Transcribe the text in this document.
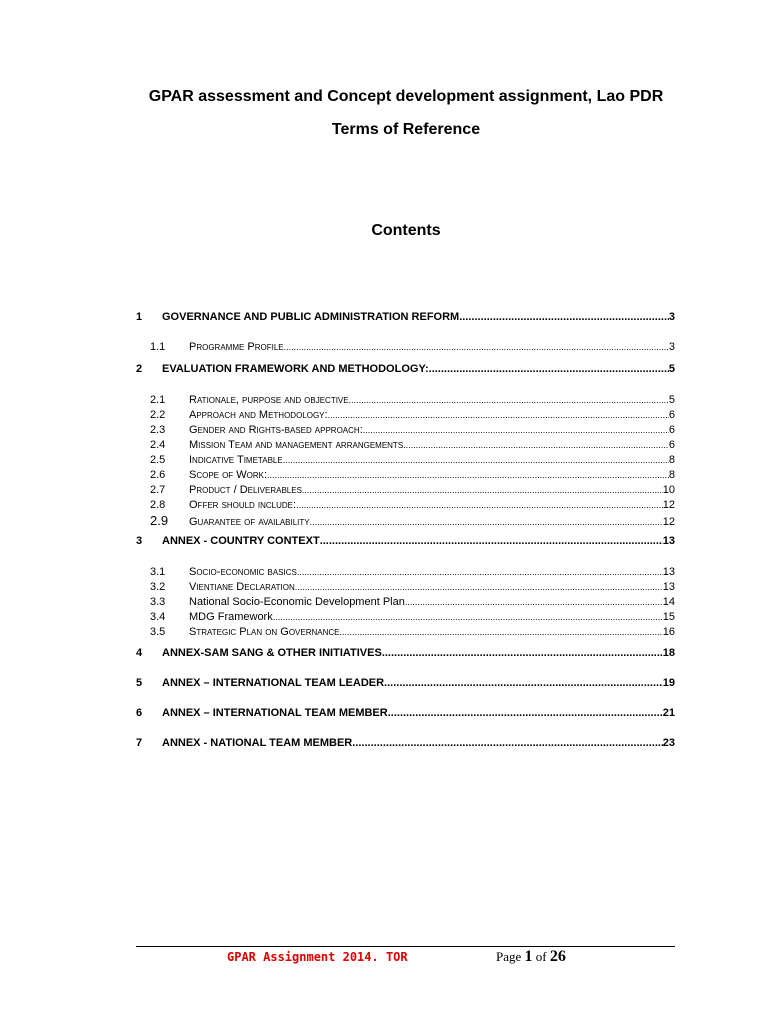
GPAR assessment and Concept development assignment, Lao PDR
Terms of Reference
Contents
1	GOVERNANCE AND PUBLIC ADMINISTRATION REFORM .....	3
1.1	Programme Profile .....	3
2	EVALUATION FRAMEWORK AND METHODOLOGY: .....	5
2.1	Rationale, purpose and objective .....	5
2.2	Approach and Methodology: .....	6
2.3	Gender and Rights-based approach: .....	6
2.4	Mission Team and management arrangements .....	6
2.5	Indicative Timetable .....	8
2.6	Scope of Work: .....	8
2.7	Product / Deliverables .....	10
2.8	Offer should include: .....	12
2.9	Guarantee of availability .....	12
3	ANNEX - COUNTRY CONTEXT .....	13
3.1	Socio-economic basics .....	13
3.2	Vientiane Declaration .....	13
3.3	National Socio-Economic Development Plan .....	14
3.4	MDG Framework .....	15
3.5	Strategic Plan on Governance .....	16
4	ANNEX-SAM SANG & OTHER INITIATIVES .....	18
5	ANNEX – INTERNATIONAL TEAM LEADER .....	19
6	ANNEX – INTERNATIONAL TEAM MEMBER .....	21
7	ANNEX - NATIONAL TEAM MEMBER .....	23
GPAR Assignment 2014. TOR	Page 1 of 26
